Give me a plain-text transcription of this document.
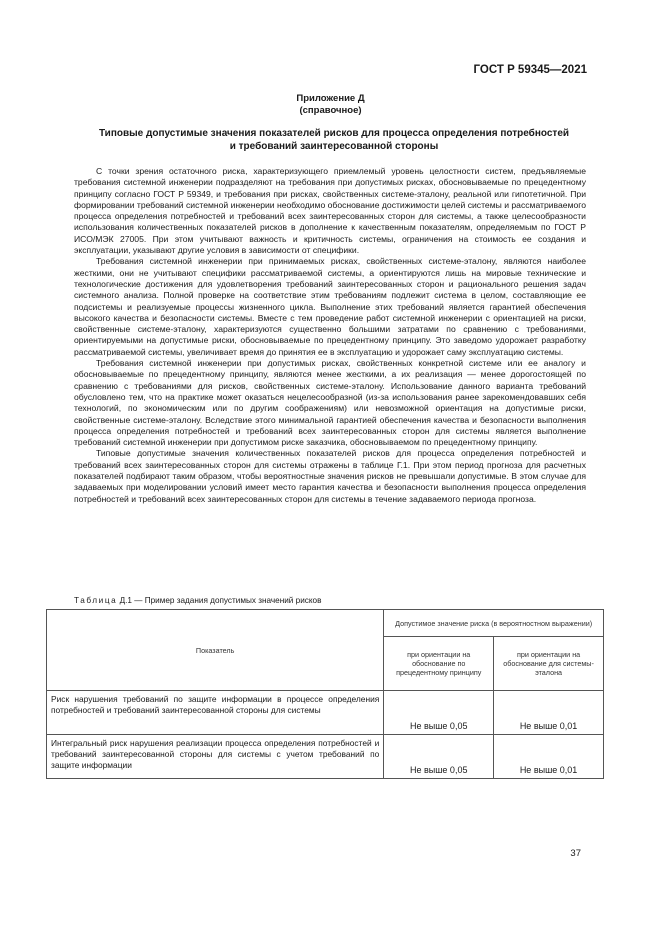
ГОСТ Р 59345—2021
Приложение Д
(справочное)
Типовые допустимые значения показателей рисков для процесса определения потребностей и требований заинтересованной стороны

С точки зрения остаточного риска, характеризующего приемлемый уровень целостности систем, предъявляемые требования системной инженерии подразделяют на требования при допустимых рисках, обосновываемые по прецедентному принципу согласно ГОСТ Р 59349, и требования при рисках, свойственных системе-эталону, реальной или гипотетичной. При формировании требований системной инженерии необходимо обоснование достижимости целей системы и рассматриваемого процесса определения потребностей и требований всех заинтересованных сторон для системы, а также целесообразности использования количественных показателей рисков в дополнение к качественным показателям, определяемым по ГОСТ Р ИСО/МЭК 27005. При этом учитывают важность и критичность системы, ограничения на стоимость ее создания и эксплуатации, указывают другие условия в зависимости от специфики.

Требования системной инженерии при принимаемых рисках, свойственных системе-эталону, являются наиболее жесткими, они не учитывают специфики рассматриваемой системы, а ориентируются лишь на мировые технические и технологические достижения для удовлетворения требований заинтересованных сторон и рационального решения задач системного анализа. Полной проверке на соответствие этим требованиям подлежит система в целом, составляющие ее подсистемы и реализуемые процессы жизненного цикла. Выполнение этих требований является гарантией обеспечения высокого качества и безопасности системы. Вместе с тем проведение работ системной инженерии с ориентацией на риски, свойственные системе-эталону, характеризуются существенно большими затратами по сравнению с требованиями, ориентируемыми на допустимые риски, обосновываемые по прецедентному принципу. Это заведомо удорожает разработку рассматриваемой системы, увеличивает время до принятия ее в эксплуатацию и удорожает саму эксплуатацию системы.

Требования системной инженерии при допустимых рисках, свойственных конкретной системе или ее аналогу и обосновываемые по прецедентному принципу, являются менее жесткими, а их реализация — менее дорогостоящей по сравнению с требованиями для рисков, свойственных системе-эталону. Использование данного варианта требований обусловлено тем, что на практике может оказаться нецелесообразной (из-за использования ранее зарекомендовавших себя технологий, по экономическим или по другим соображениям) или невозможной ориентация на допустимые риски, свойственные системе-эталону. Вследствие этого минимальной гарантией обеспечения качества и безопасности выполнения процесса определения потребностей и требований всех заинтересованных сторон для системы является выполнение требований системной инженерии при допустимом риске заказчика, обосновываемом по прецедентному принципу.

Типовые допустимые значения количественных показателей рисков для процесса определения потребностей и требований всех заинтересованных сторон для системы отражены в таблице Г.1. При этом период прогноза для расчетных показателей подбирают таким образом, чтобы вероятностные значения рисков не превышали допустимые. В этом случае для задаваемых при моделировании условий имеет место гарантия качества и безопасности выполнения процесса определения потребностей и требований всех заинтересованных сторон для системы в течение задаваемого периода прогноза.

Таблица Д.1 — Пример задания допустимых значений рисков
Показатель	Допустимое значение риска (в вероятностном выражении)	
	при ориентации на обоснование по прецедентному принципу	при ориентации на обоснование для системы-эталона
Риск нарушения требований по защите информации в процессе определения потребностей и требований заинтересованной стороны для системы	Не выше 0,05	Не выше 0,01
Интегральный риск нарушения реализации процесса определения потребностей и требований заинтересованной стороны для системы с учетом требований по защите информации	Не выше 0,05	Не выше 0,01
37
